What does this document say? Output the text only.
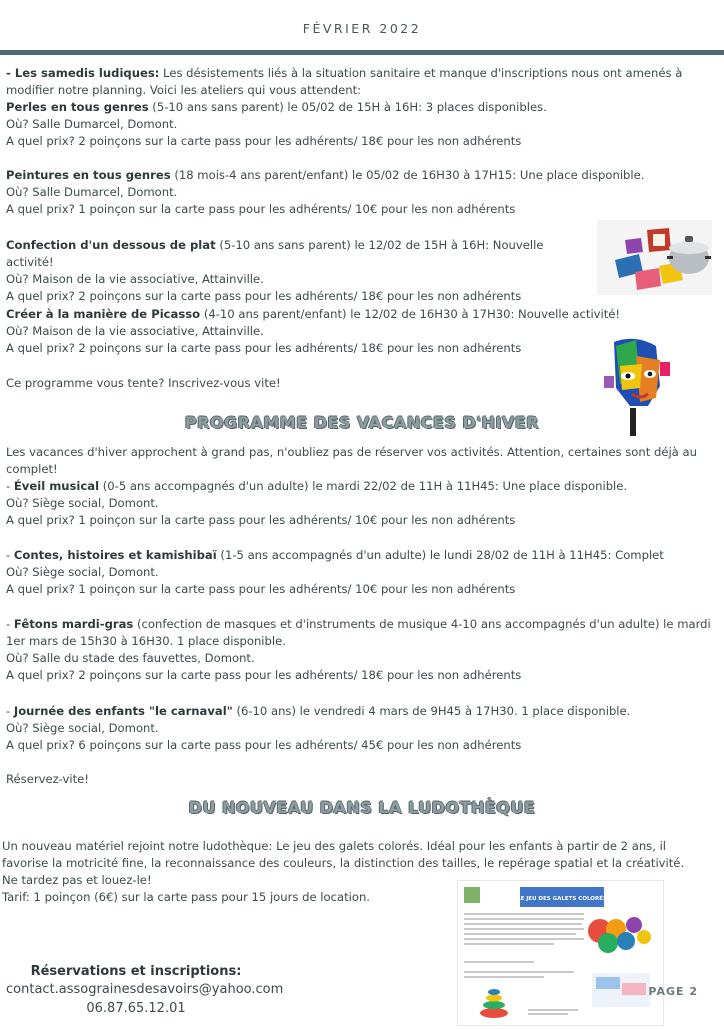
FÉVRIER 2022

- Les samedis ludiques: Les désistements liés à la situation sanitaire et manque d'inscriptions nous ont amenés à modifier notre planning. Voici les ateliers qui vous attendent:

Perles en tous genres (5-10 ans sans parent) le 05/02 de 15H à 16H: 3 places disponibles.

Où? Salle Dumarcel, Domont.

A quel prix? 2 poinçons sur la carte pass pour les adhérents/ 18€ pour les non adhérents

Peintures en tous genres (18 mois-4 ans parent/enfant) le 05/02 de 16H30 à 17H15: Une place disponible.

Où? Salle Dumarcel, Domont.

A quel prix? 1 poinçon sur la carte pass pour les adhérents/ 10€ pour les non adhérents

Confection d'un dessous de plat (5-10 ans sans parent) le 12/02 de 15H à 16H: Nouvelle activité!

Où? Maison de la vie associative, Attainville.

A quel prix? 2 poinçons sur la carte pass pour les adhérents/ 18€ pour les non adhérents

Créer à la manière de Picasso (4-10 ans parent/enfant) le 12/02 de 16H30 à 17H30: Nouvelle activité!

Où? Maison de la vie associative, Attainville.

A quel prix? 2 poinçons sur la carte pass pour les adhérents/ 18€ pour les non adhérents

Ce programme vous tente? Inscrivez-vous vite!
PROGRAMME DES VACANCES D'HIVER
Les vacances d'hiver approchent à grand pas, n'oubliez pas de réserver vos activités. Attention, certaines sont déjà au complet!

- Éveil musical (0-5 ans accompagnés d'un adulte) le mardi 22/02 de 11H à 11H45: Une place disponible.

Où? Siège social, Domont.

A quel prix? 1 poinçon sur la carte pass pour les adhérents/ 10€ pour les non adhérents

- Contes, histoires et kamishibaï (1-5 ans accompagnés d'un adulte) le lundi 28/02 de 11H à 11H45: Complet

Où? Siège social, Domont.

A quel prix? 1 poinçon sur la carte pass pour les adhérents/ 10€ pour les non adhérents

- Fêtons mardi-gras (confection de masques et d'instruments de musique 4-10 ans accompagnés d'un adulte) le mardi 1er mars de 15h30 à 16H30. 1 place disponible.

Où? Salle du stade des fauvettes, Domont.

A quel prix? 2 poinçons sur la carte pass pour les adhérents/ 18€ pour les non adhérents

- Journée des enfants "le carnaval" (6-10 ans) le vendredi 4 mars de 9H45 à 17H30. 1 place disponible.

Où? Siège social, Domont.

A quel prix? 6 poinçons sur la carte pass pour les adhérents/ 45€ pour les non adhérents

Réservez-vite!
DU NOUVEAU DANS LA LUDOTHÈQUE

Un nouveau matériel rejoint notre ludothèque: Le jeu des galets colorés. Idéal pour les enfants à partir de 2 ans, il favorise la motricité fine, la reconnaissance des couleurs, la distinction des tailles, le repérage spatial et la créativité.

Ne tardez pas et louez-le!

Tarif: 1 poinçon (6€) sur la carte pass pour 15 jours de location.	LE JEU DES GALETS COLORÉS
Réservations et inscriptions:
contact.assograinesdesavoirs@yahoo.com
06.87.65.12.01
PAGE 2
